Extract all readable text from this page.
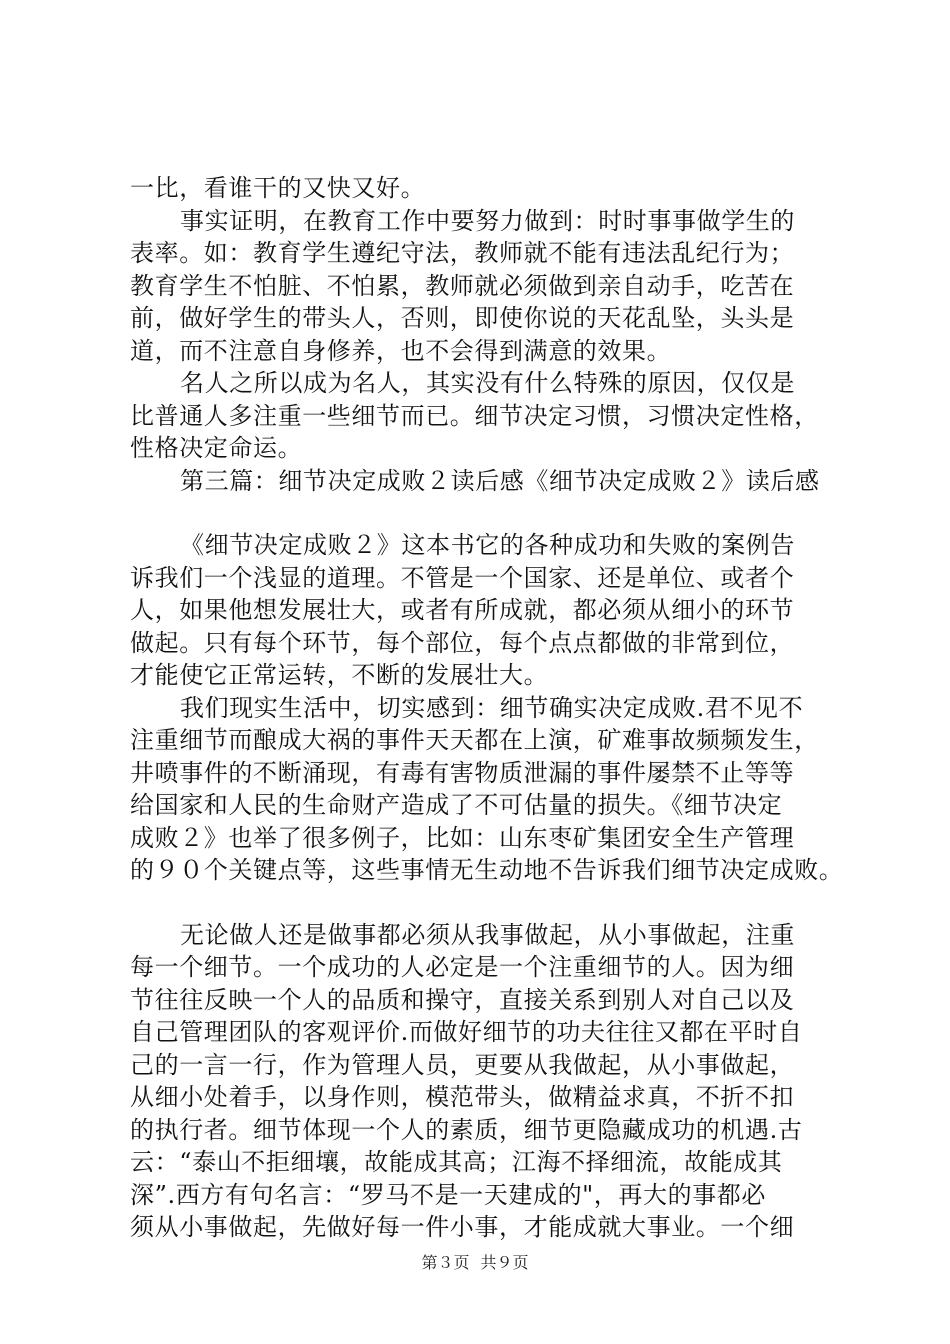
一比，看谁干的又快又好。
事实证明，在教育工作中要努力做到：时时事事做学生的
表率。如：教育学生遵纪守法，教师就不能有违法乱纪行为；
教育学生不怕脏、不怕累，教师就必须做到亲自动手，吃苦在
前，做好学生的带头人，否则，即使你说的天花乱坠，头头是
道，而不注意自身修养，也不会得到满意的效果。
名人之所以成为名人，其实没有什么特殊的原因，仅仅是
比普通人多注重一些细节而已。细节决定习惯，习惯决定性格，
性格决定命运。
第三篇：细节决定成败２读后感《细节决定成败２》读后感
《细节决定成败２》这本书它的各种成功和失败的案例告
诉我们一个浅显的道理。不管是一个国家、还是单位、或者个
人，如果他想发展壮大，或者有所成就，都必须从细小的环节
做起。只有每个环节，每个部位，每个点点都做的非常到位，
才能使它正常运转，不断的发展壮大。
我们现实生活中，切实感到：细节确实决定成败.君不见不
注重细节而酿成大祸的事件天天都在上演，矿难事故频频发生，
井喷事件的不断涌现，有毒有害物质泄漏的事件屡禁不止等等
给国家和人民的生命财产造成了不可估量的损失。《细节决定
成败２》也举了很多例子，比如：山东枣矿集团安全生产管理
的９０个关键点等，这些事情无生动地不告诉我们细节决定成败。
无论做人还是做事都必须从我事做起，从小事做起，注重
每一个细节。一个成功的人必定是一个注重细节的人。因为细
节往往反映一个人的品质和操守，直接关系到别人对自己以及
自己管理团队的客观评价.而做好细节的功夫往往又都在平时自
己的一言一行，作为管理人员，更要从我做起，从小事做起，
从细小处着手，以身作则，模范带头，做精益求真，不折不扣
的执行者。细节体现一个人的素质，细节更隐藏成功的机遇.古
云：“泰山不拒细壤，故能成其高；江海不择细流，故能成其
深”.西方有句名言：“罗马不是一天建成的"，再大的事都必
须从小事做起，先做好每一件小事，才能成就大事业。一个细
第３页 共９页
